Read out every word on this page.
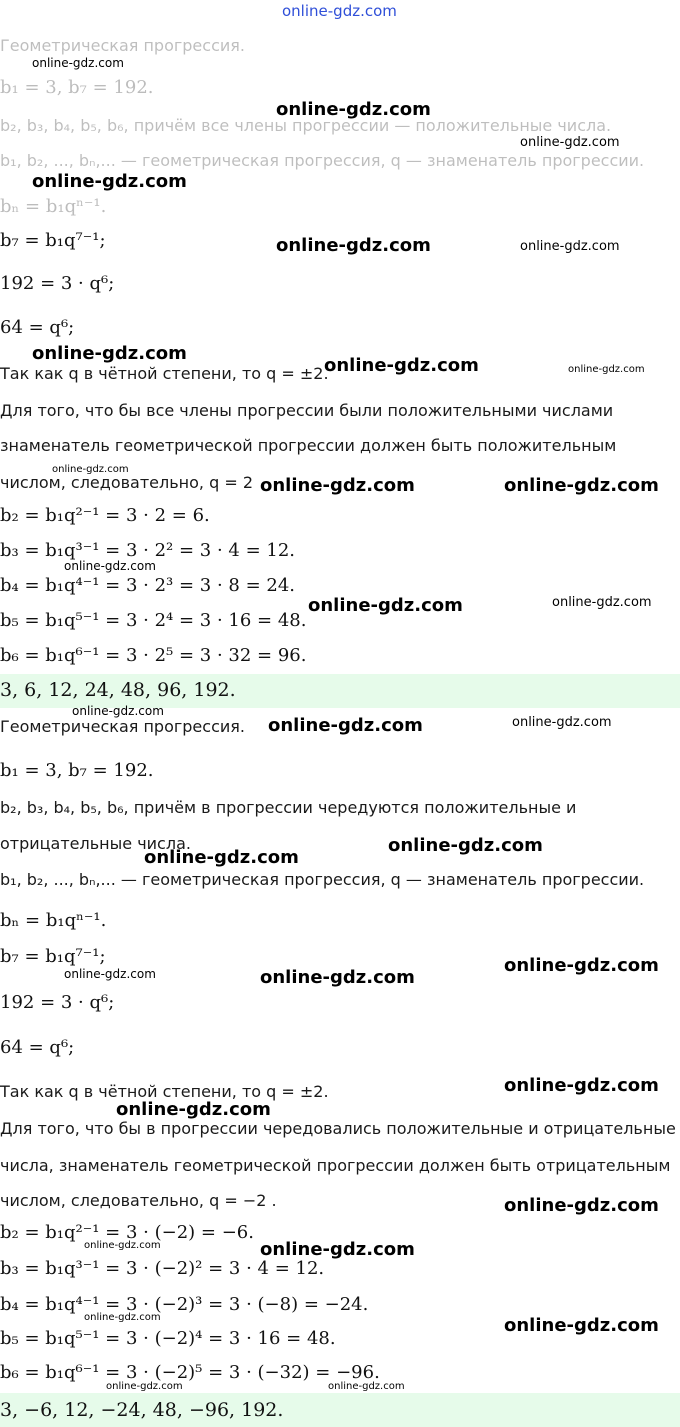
online-gdz.com
Геометрическая прогрессия.
b₁ = 3, b₇ = 192.
b₂, b₃, b₄, b₅, b₆, причём все члены прогрессии — положительные числа.
b₁, b₂, ..., bₙ,... — геометрическая прогрессия, q — знаменатель прогрессии.
bₙ = b₁qⁿ⁻¹.
b₇ = b₁q⁷⁻¹;
192 = 3 · q⁶;
64 = q⁶;
Так как q в чётной степени, то q = ±2.
Для того, что бы все члены прогрессии были положительными числами
знаменатель геометрической прогрессии должен быть положительным
числом, следовательно, q = 2
b₂ = b₁q²⁻¹ = 3 · 2 = 6.
b₃ = b₁q³⁻¹ = 3 · 2² = 3 · 4 = 12.
b₄ = b₁q⁴⁻¹ = 3 · 2³ = 3 · 8 = 24.
b₅ = b₁q⁵⁻¹ = 3 · 2⁴ = 3 · 16 = 48.
b₆ = b₁q⁶⁻¹ = 3 · 2⁵ = 3 · 32 = 96.
3, 6, 12, 24, 48, 96, 192.
Геометрическая прогрессия.
b₁ = 3, b₇ = 192.
b₂, b₃, b₄, b₅, b₆, причём в прогрессии чередуются положительные и
отрицательные числа.
b₁, b₂, ..., bₙ,... — геометрическая прогрессия, q — знаменатель прогрессии.
bₙ = b₁qⁿ⁻¹.
b₇ = b₁q⁷⁻¹;
192 = 3 · q⁶;
64 = q⁶;
Так как q в чётной степени, то q = ±2.
Для того, что бы в прогрессии чередовались положительные и отрицательные
числа, знаменатель геометрической прогрессии должен быть отрицательным
числом, следовательно, q = −2 .
b₂ = b₁q²⁻¹ = 3 · (−2) = −6.
b₃ = b₁q³⁻¹ = 3 · (−2)² = 3 · 4 = 12.
b₄ = b₁q⁴⁻¹ = 3 · (−2)³ = 3 · (−8) = −24.
b₅ = b₁q⁵⁻¹ = 3 · (−2)⁴ = 3 · 16 = 48.
b₆ = b₁q⁶⁻¹ = 3 · (−2)⁵ = 3 · (−32) = −96.
3, −6, 12, −24, 48, −96, 192.
online-gdz.com
online-gdz.com
online-gdz.com
online-gdz.com
online-gdz.com	online-gdz.com
online-gdz.com
online-gdz.com	online-gdz.com
online-gdz.com
online-gdz.com	online-gdz.com
online-gdz.com
online-gdz.com	online-gdz.com
online-gdz.com
online-gdz.com	online-gdz.com
online-gdz.com
online-gdz.com
online-gdz.com
online-gdz.com	online-gdz.com
online-gdz.com
online-gdz.com
online-gdz.com
online-gdz.com	online-gdz.com
online-gdz.com	online-gdz.com
online-gdz.com	online-gdz.com
